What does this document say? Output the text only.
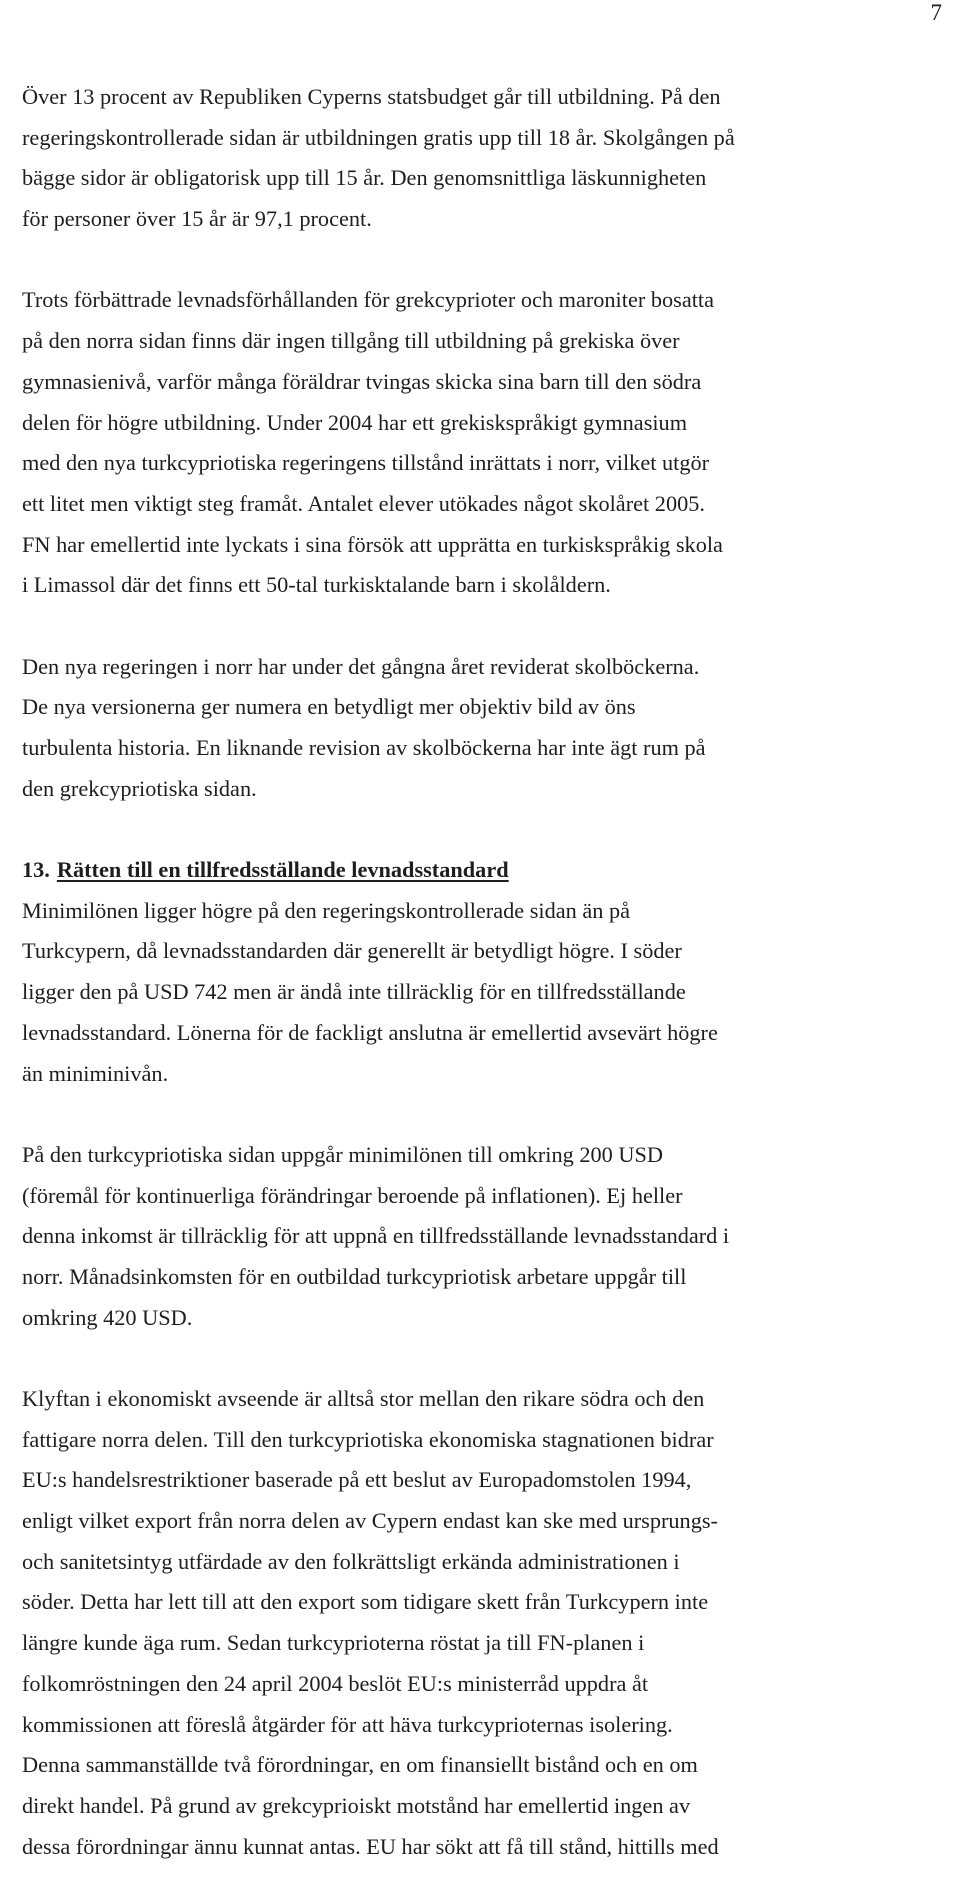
7
Över 13 procent av Republiken Cyperns statsbudget går till utbildning. På den
regeringskontrollerade sidan är utbildningen gratis upp till 18 år. Skolgången på
bägge sidor är obligatorisk upp till 15 år. Den genomsnittliga läskunnigheten
för personer över 15 år är 97,1 procent.
Trots förbättrade levnadsförhållanden för grekcyprioter och maroniter bosatta
på den norra sidan finns där ingen tillgång till utbildning på grekiska över
gymnasienivå, varför många föräldrar tvingas skicka sina barn till den södra
delen för högre utbildning. Under 2004 har ett grekiskspråkigt gymnasium
med den nya turkcypriotiska regeringens tillstånd inrättats i norr, vilket utgör
ett litet men viktigt steg framåt. Antalet elever utökades något skolåret 2005.
FN har emellertid inte lyckats i sina försök att upprätta en turkiskspråkig skola
i Limassol där det finns ett 50-tal turkisktalande barn i skolåldern.
Den nya regeringen i norr har under det gångna året reviderat skolböckerna.
De nya versionerna ger numera en betydligt mer objektiv bild av öns
turbulenta historia. En liknande revision av skolböckerna har inte ägt rum på
den grekcypriotiska sidan.
13. Rätten till en tillfredsställande levnadsstandard
Minimilönen ligger högre på den regeringskontrollerade sidan än på
Turkcypern, då levnadsstandarden där generellt är betydligt högre. I söder
ligger den på USD 742 men är ändå inte tillräcklig för en tillfredsställande
levnadsstandard. Lönerna för de fackligt anslutna är emellertid avsevärt högre
än miniminivån.
På den turkcypriotiska sidan uppgår minimilönen till omkring 200 USD
(föremål för kontinuerliga förändringar beroende på inflationen). Ej heller
denna inkomst är tillräcklig för att uppnå en tillfredsställande levnadsstandard i
norr. Månadsinkomsten för en outbildad turkcypriotisk arbetare uppgår till
omkring 420 USD.
Klyftan i ekonomiskt avseende är alltså stor mellan den rikare södra och den
fattigare norra delen. Till den turkcypriotiska ekonomiska stagnationen bidrar
EU:s handelsrestriktioner baserade på ett beslut av Europadomstolen 1994,
enligt vilket export från norra delen av Cypern endast kan ske med ursprungs-
och sanitetsintyg utfärdade av den folkrättsligt erkända administrationen i
söder. Detta har lett till att den export som tidigare skett från Turkcypern inte
längre kunde äga rum. Sedan turkcyprioterna röstat ja till FN-planen i
folkomröstningen den 24 april 2004 beslöt EU:s ministerråd uppdra åt
kommissionen att föreslå åtgärder för att häva turkcyprioternas isolering.
Denna sammanställde två förordningar, en om finansiellt bistånd och en om
direkt handel. På grund av grekcyprioiskt motstånd har emellertid ingen av
dessa förordningar ännu kunnat antas. EU har sökt att få till stånd, hittills med
